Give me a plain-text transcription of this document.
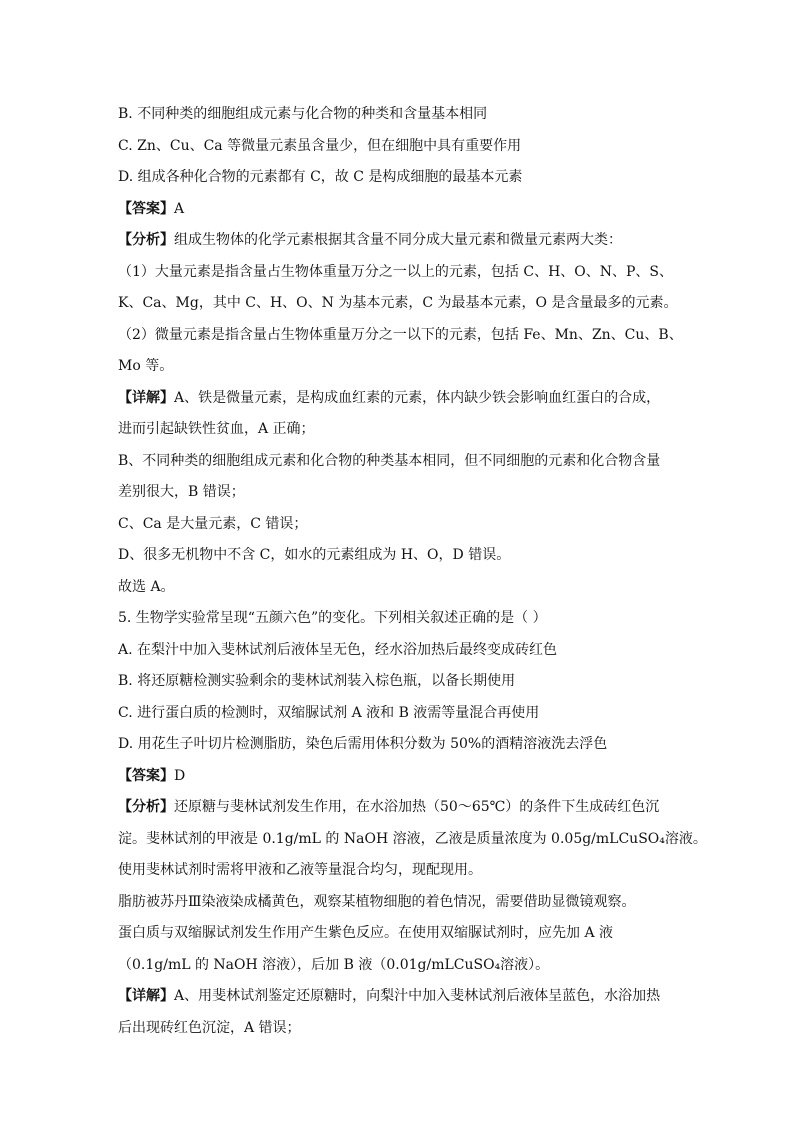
B. 不同种类的细胞组成元素与化合物的种类和含量基本相同
C. Zn、Cu、Ca 等微量元素虽含量少，但在细胞中具有重要作用
D. 组成各种化合物的元素都有 C，故 C 是构成细胞的最基本元素
【答案】A
【分析】组成生物体的化学元素根据其含量不同分成大量元素和微量元素两大类：
（1）大量元素是指含量占生物体重量万分之一以上的元素，包括 C、H、O、N、P、S、
K、Ca、Mg，其中 C、H、O、N 为基本元素，C 为最基本元素，O 是含量最多的元素。
（2）微量元素是指含量占生物体重量万分之一以下的元素，包括 Fe、Mn、Zn、Cu、B、
Mo 等。
【详解】A、铁是微量元素，是构成血红素的元素，体内缺少铁会影响血红蛋白的合成，
进而引起缺铁性贫血，A 正确；
B、不同种类的细胞组成元素和化合物的种类基本相同，但不同细胞的元素和化合物含量
差别很大，B 错误；
C、Ca 是大量元素，C 错误；
D、很多无机物中不含 C，如水的元素组成为 H、O，D 错误。
故选 A。
5. 生物学实验常呈现“五颜六色”的变化。下列相关叙述正确的是（ ）
A. 在梨汁中加入斐林试剂后液体呈无色，经水浴加热后最终变成砖红色
B. 将还原糖检测实验剩余的斐林试剂装入棕色瓶，以备长期使用
C. 进行蛋白质的检测时，双缩脲试剂 A 液和 B 液需等量混合再使用
D. 用花生子叶切片检测脂肪，染色后需用体积分数为 50%的酒精溶液洗去浮色
【答案】D
【分析】还原糖与斐林试剂发生作用，在水浴加热（50～65℃）的条件下生成砖红色沉
淀。斐林试剂的甲液是 0.1g/mL 的 NaOH 溶液，乙液是质量浓度为 0.05g/mLCuSO₄溶液。
使用斐林试剂时需将甲液和乙液等量混合均匀，现配现用。
脂肪被苏丹Ⅲ染液染成橘黄色，观察某植物细胞的着色情况，需要借助显微镜观察。
蛋白质与双缩脲试剂发生作用产生紫色反应。在使用双缩脲试剂时，应先加 A 液
（0.1g/mL 的 NaOH 溶液），后加 B 液（0.01g/mLCuSO₄溶液）。
【详解】A、用斐林试剂鉴定还原糖时，向梨汁中加入斐林试剂后液体呈蓝色，水浴加热
后出现砖红色沉淀，A 错误；
